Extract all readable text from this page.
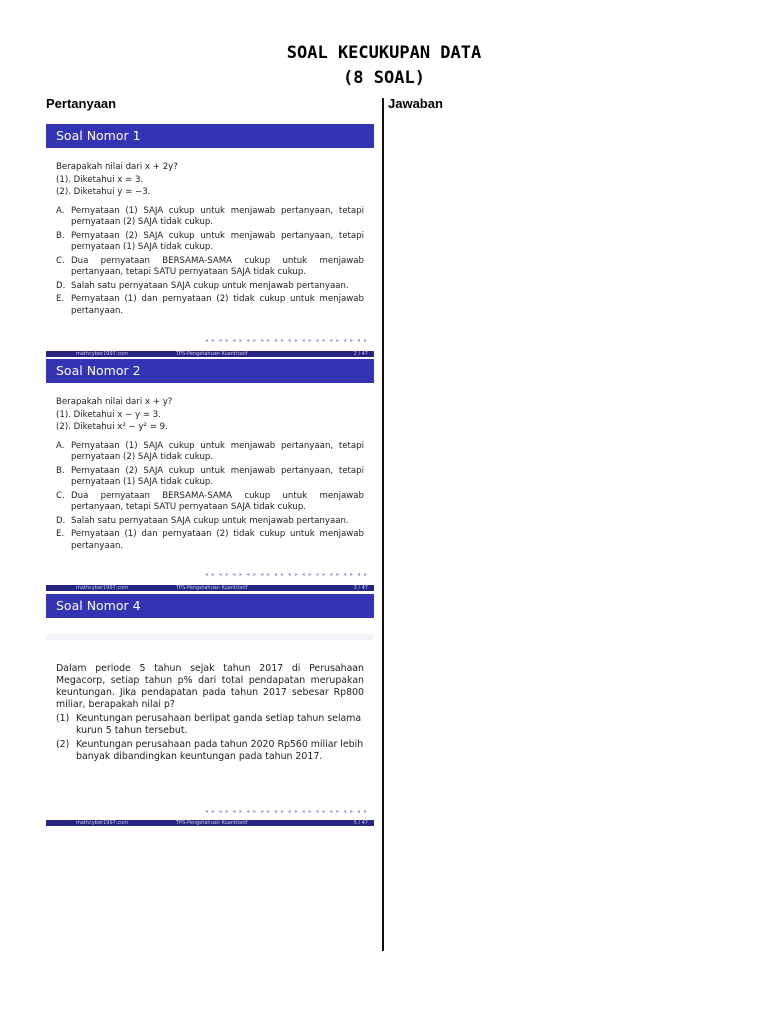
SOAL KECUKUPAN DATA
(8 SOAL)
Pertanyaan	Jawaban
Soal Nomor 1
Berapakah nilai dari x + 2y?
(1). Diketahui x = 3.
(2). Diketahui y = −3.
A. Pernyataan (1) SAJA cukup untuk menjawab pertanyaan, tetapi pernyataan (2) SAJA tidak cukup.
B. Pernyataan (2) SAJA cukup untuk menjawab pertanyaan, tetapi pernyataan (1) SAJA tidak cukup.
C. Dua pernyataan BERSAMA-SAMA cukup untuk menjawab pertanyaan, tetapi SATU pernyataan SAJA tidak cukup.
D. Salah satu pernyataan SAJA cukup untuk menjawab pertanyaan.
E. Pernyataan (1) dan pernyataan (2) tidak cukup untuk menjawab pertanyaan.
◂ ▸ ◂ ▸ ◂ ▸ ◂ ▸ ◂ ▸ ◂ ▸ ◂ ▸ ◂ ▸ ◂ ▸ ◂ ▸ ◂ ▸ ◂ ▸
mathcyber1997.com	TPS-Pengetahuan Kuantitatif	2 / 47
Soal Nomor 2
Berapakah nilai dari x + y?
(1). Diketahui x − y = 3.
(2). Diketahui x² − y² = 9.
A. Pernyataan (1) SAJA cukup untuk menjawab pertanyaan, tetapi pernyataan (2) SAJA tidak cukup.
B. Pernyataan (2) SAJA cukup untuk menjawab pertanyaan, tetapi pernyataan (1) SAJA tidak cukup.
C. Dua pernyataan BERSAMA-SAMA cukup untuk menjawab pertanyaan, tetapi SATU pernyataan SAJA tidak cukup.
D. Salah satu pernyataan SAJA cukup untuk menjawab pertanyaan.
E. Pernyataan (1) dan pernyataan (2) tidak cukup untuk menjawab pertanyaan.
◂ ▸ ◂ ▸ ◂ ▸ ◂ ▸ ◂ ▸ ◂ ▸ ◂ ▸ ◂ ▸ ◂ ▸ ◂ ▸ ◂ ▸ ◂ ▸
mathcyber1997.com	TPS-Pengetahuan Kuantitatif	3 / 47
Soal Nomor 4
Dalam periode 5 tahun sejak tahun 2017 di Perusahaan Megacorp, setiap tahun p% dari total pendapatan merupakan keuntungan. Jika pendapatan pada tahun 2017 sebesar Rp800 miliar, berapakah nilai p?
(1) Keuntungan perusahaan berlipat ganda setiap tahun selama kurun 5 tahun tersebut.
(2) Keuntungan perusahaan pada tahun 2020 Rp560 miliar lebih banyak dibandingkan keuntungan pada tahun 2017.
◂ ▸ ◂ ▸ ◂ ▸ ◂ ▸ ◂ ▸ ◂ ▸ ◂ ▸ ◂ ▸ ◂ ▸ ◂ ▸ ◂ ▸ ◂ ▸
mathcyber1997.com	TPS-Pengetahuan Kuantitatif	5 / 47
